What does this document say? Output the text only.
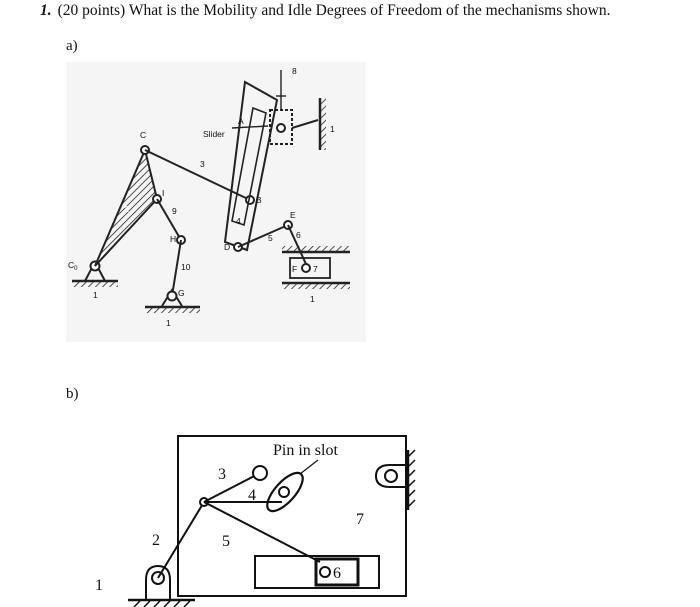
1. (20 points) What is the Mobility and Idle Degrees of Freedom of the mechanisms shown.
a)
b)
Slider
A
B
C
D
E
F
G
H
I
$C_0$
1	1
1
1
2
3
4
5	6
7
8
9
10
Pin in slot
1
2
3
4
5
6
7
